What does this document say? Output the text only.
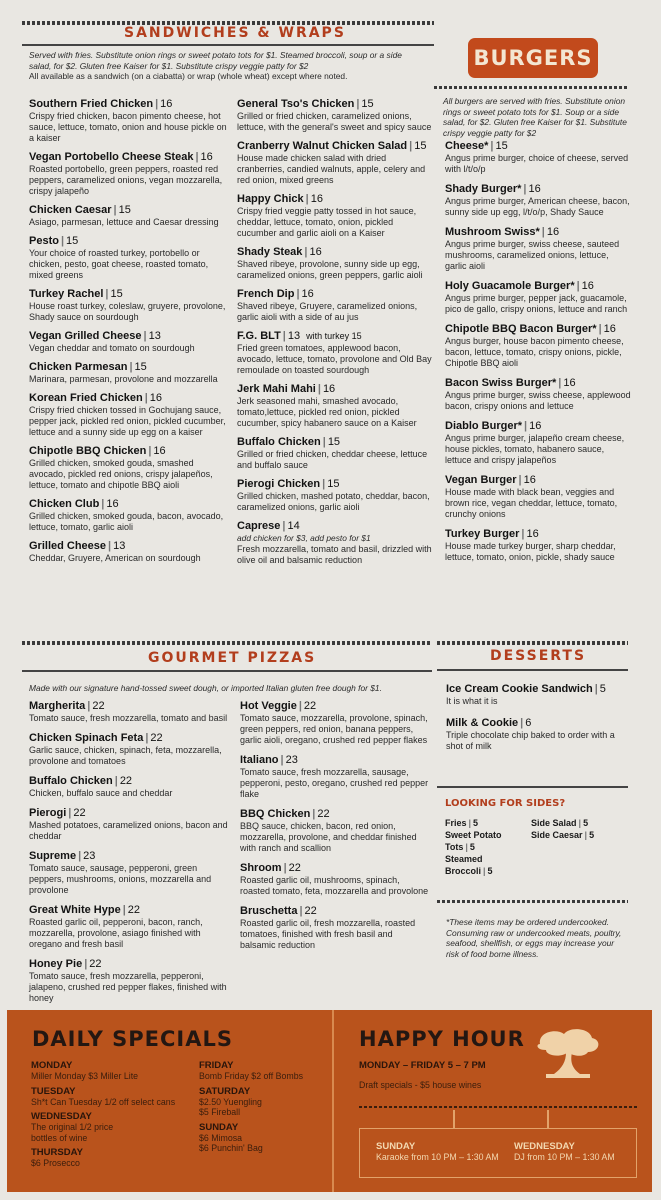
SANDWICHES & WRAPS
Served with fries. Substitute onion rings or sweet potato tots for $1. Steamed broccoli, soup or a side salad, for $2. Gluten free Kaiser for $1. Substitute crispy veggie patty for $2
All available as a sandwich (on a ciabatta) or wrap (whole wheat) except where noted.
Southern Fried Chicken | 16
Crispy fried chicken, bacon pimento cheese, hot sauce, lettuce, tomato, onion and house pickle on a kaiser
Vegan Portobello Cheese Steak | 16
Roasted portobello, green peppers, roasted red peppers, caramelized onions, vegan mozzarella, crispy jalapeño
Chicken Caesar | 15
Asiago, parmesan, lettuce and Caesar dressing
Pesto | 15
Your choice of roasted turkey, portobello or chicken, pesto, goat cheese, roasted tomato, mixed greens
Turkey Rachel | 15
House roast turkey, coleslaw, gruyere, provolone, Shady sauce on sourdough
Vegan Grilled Cheese | 13
Vegan cheddar and tomato on sourdough
Chicken Parmesan | 15
Marinara, parmesan, provolone and mozzarella
Korean Fried Chicken | 16
Crispy fried chicken tossed in Gochujang sauce, pepper jack, pickled red onion, pickled cucumber, lettuce and a sunny side up egg on a kaiser
Chipotle BBQ Chicken | 16
Grilled chicken, smoked gouda, smashed avocado, pickled red onions, crispy jalapeños, lettuce, tomato and chipotle BBQ aioli
Chicken Club | 16
Grilled chicken, smoked gouda, bacon, avocado, lettuce, tomato, garlic aioli
Grilled Cheese | 13
Cheddar, Gruyere, American on sourdough
General Tso's Chicken | 15
Grilled or fried chicken, caramelized onions, lettuce, with the general's sweet and spicy sauce
Cranberry Walnut Chicken Salad | 15
House made chicken salad with dried cranberries, candied walnuts, apple, celery and red onion, mixed greens
Happy Chick | 16
Crispy fried veggie patty tossed in hot sauce, cheddar, lettuce, tomato, onion, pickled cucumber and garlic aioli on a Kaiser
Shady Steak | 16
Shaved ribeye, provolone, sunny side up egg, caramelized onions, green peppers, garlic aioli
French Dip | 16
Shaved ribeye, Gruyere, caramelized onions, garlic aioli with a side of au jus
F.G. BLT | 13 with turkey 15
Fried green tomatoes, applewood bacon, avocado, lettuce, tomato, provolone and Old Bay remoulade on toasted sourdough
Jerk Mahi Mahi | 16
Jerk seasoned mahi, smashed avocado, tomato,lettuce, pickled red onion, pickled cucumber, spicy habanero sauce on a Kaiser
Buffalo Chicken | 15
Grilled or fried chicken, cheddar cheese, lettuce and buffalo sauce
Pierogi Chicken | 15
Grilled chicken, mashed potato, cheddar, bacon, caramelized onions, garlic aioli
Caprese | 14
add chicken for $3, add pesto for $1
Fresh mozzarella, tomato and basil, drizzled with olive oil and balsamic reduction
BURGERS
All burgers are served with fries. Substitute onion rings or sweet potato tots for $1. Soup or a side salad, for $2. Gluten free Kaiser for $1. Substitute crispy veggie patty for $2
Cheese* | 15
Angus prime burger, choice of cheese, served with l/t/o/p
Shady Burger* | 16
Angus prime burger, American cheese, bacon, sunny side up egg, l/t/o/p, Shady Sauce
Mushroom Swiss* | 16
Angus prime burger, swiss cheese, sauteed mushrooms, caramelized onions, lettuce, garlic aioli
Holy Guacamole Burger* | 16
Angus prime burger, pepper jack, guacamole, pico de gallo, crispy onions, lettuce and ranch
Chipotle BBQ Bacon Burger* | 16
Angus burger, house bacon pimento cheese, bacon, lettuce, tomato, crispy onions, pickle, Chipotle BBQ aioli
Bacon Swiss Burger* | 16
Angus prime burger, swiss cheese, applewood bacon, crispy onions and lettuce
Diablo Burger* | 16
Angus prime burger, jalapeño cream cheese, house pickles, tomato, habanero sauce, lettuce and crispy jalapeños
Vegan Burger | 16
House made with black bean, veggies and brown rice, vegan cheddar, lettuce, tomato, crunchy onions
Turkey Burger | 16
House made turkey burger, sharp cheddar, lettuce, tomato, onion, pickle, shady sauce
GOURMET PIZZAS
Made with our signature hand-tossed sweet dough, or imported Italian gluten free dough for $1.
Margherita | 22
Tomato sauce, fresh mozzarella, tomato and basil
Chicken Spinach Feta | 22
Garlic sauce, chicken, spinach, feta, mozzarella, provolone and tomatoes
Buffalo Chicken | 22
Chicken, buffalo sauce and cheddar
Pierogi | 22
Mashed potatoes, caramelized onions, bacon and cheddar
Supreme | 23
Tomato sauce, sausage, pepperoni, green peppers, mushrooms, onions, mozzarella and provolone
Great White Hype | 22
Roasted garlic oil, pepperoni, bacon, ranch, mozzarella, provolone, asiago finished with oregano and fresh basil
Honey Pie | 22
Tomato sauce, fresh mozzarella, pepperoni, jalapeno, crushed red pepper flakes, finished with honey
Hot Veggie | 22
Tomato sauce, mozzarella, provolone, spinach, green peppers, red onion, banana peppers, garlic aioli, oregano, crushed red pepper flakes
Italiano | 23
Tomato sauce, fresh mozzarella, sausage, pepperoni, pesto, oregano, crushed red pepper flake
BBQ Chicken | 22
BBQ sauce, chicken, bacon, red onion, mozzarella, provolone, and cheddar finished with ranch and scallion
Shroom | 22
Roasted garlic oil, mushrooms, spinach, roasted tomato, feta, mozzarella and provolone
Bruschetta | 22
Roasted garlic oil, fresh mozzarella, roasted tomatoes, finished with fresh basil and balsamic reduction
DESSERTS
Ice Cream Cookie Sandwich | 5
It is what it is
Milk & Cookie | 6
Triple chocolate chip baked to order with a shot of milk
LOOKING FOR SIDES?
Fries | 5	Side Salad | 5
Sweet Potato Tots | 5
Side Caesar | 5
Steamed Broccoli | 5
*These items may be ordered undercooked. Consuming raw or undercooked meats, poultry, seafood, shellfish, or eggs may increase your risk of food borne illness.
DAILY SPECIALS
MONDAY
Miller Monday $3 Miller Lite
TUESDAY
Sh*t Can Tuesday 1/2 off select cans
WEDNESDAY
The original 1/2 price
bottles of wine
THURSDAY
$6 Prosecco
FRIDAY
Bomb Friday $2 off Bombs
SATURDAY
$2.50 Yuengling
$5 Fireball
SUNDAY
$6 Mimosa
$6 Punchin' Bag
HAPPY HOUR
MONDAY – FRIDAY 5 – 7 PM
Draft specials - $5 house wines
SUNDAY
Karaoke from 10 PM – 1:30 AM
WEDNESDAY
DJ from 10 PM – 1:30 AM
